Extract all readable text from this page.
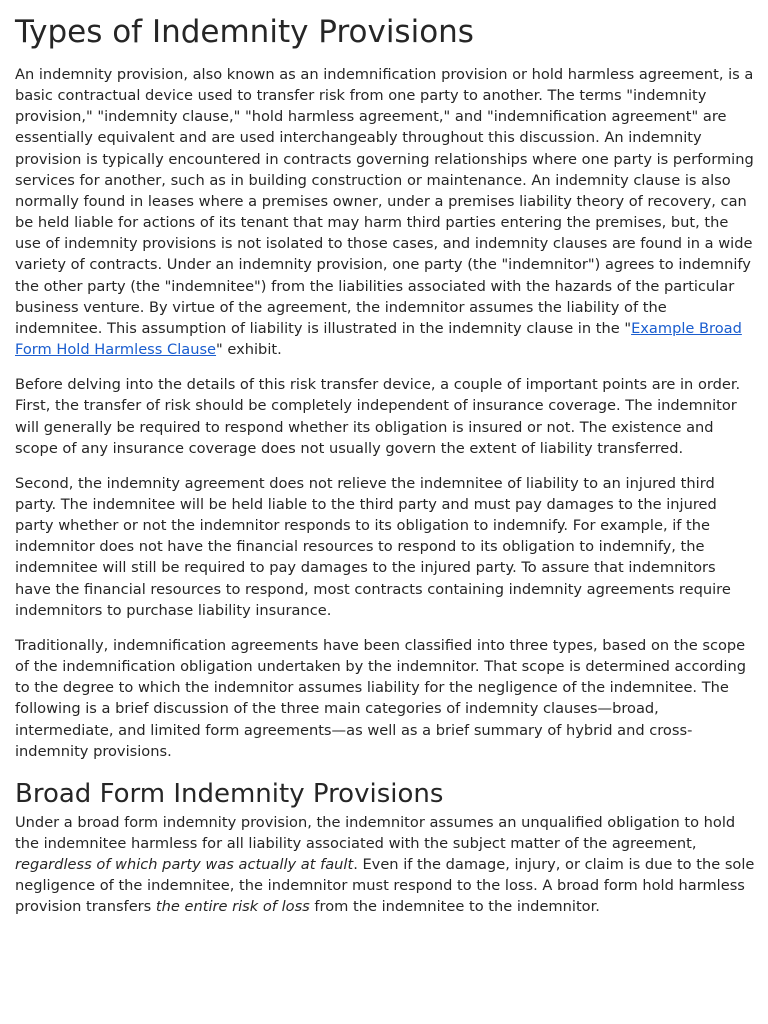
Types of Indemnity Provisions

An indemnity provision, also known as an indemnification provision or hold harmless agreement, is a basic contractual device used to transfer risk from one party to another. The terms "indemnity provision," "indemnity clause," "hold harmless agreement," and "indemnification agreement" are essentially equivalent and are used interchangeably throughout this discussion. An indemnity provision is typically encountered in contracts governing relationships where one party is performing services for another, such as in building construction or maintenance. An indemnity clause is also normally found in leases where a premises owner, under a premises liability theory of recovery, can be held liable for actions of its tenant that may harm third parties entering the premises, but, the use of indemnity provisions is not isolated to those cases, and indemnity clauses are found in a wide variety of contracts. Under an indemnity provision, one party (the "indemnitor") agrees to indemnify the other party (the "indemnitee") from the liabilities associated with the hazards of the particular business venture. By virtue of the agreement, the indemnitor assumes the liability of the indemnitee. This assumption of liability is illustrated in the indemnity clause in the "Example Broad Form Hold Harmless Clause" exhibit.

Before delving into the details of this risk transfer device, a couple of important points are in order. First, the transfer of risk should be completely independent of insurance coverage. The indemnitor will generally be required to respond whether its obligation is insured or not. The existence and scope of any insurance coverage does not usually govern the extent of liability transferred.

Second, the indemnity agreement does not relieve the indemnitee of liability to an injured third party. The indemnitee will be held liable to the third party and must pay damages to the injured party whether or not the indemnitor responds to its obligation to indemnify. For example, if the indemnitor does not have the financial resources to respond to its obligation to indemnify, the indemnitee will still be required to pay damages to the injured party. To assure that indemnitors have the financial resources to respond, most contracts containing indemnity agreements require indemnitors to purchase liability insurance.

Traditionally, indemnification agreements have been classified into three types, based on the scope of the indemnification obligation undertaken by the indemnitor. That scope is determined according to the degree to which the indemnitor assumes liability for the negligence of the indemnitee. The following is a brief discussion of the three main categories of indemnity clauses—broad, intermediate, and limited form agreements—as well as a brief summary of hybrid and cross-indemnity provisions.

Broad Form Indemnity Provisions

Under a broad form indemnity provision, the indemnitor assumes an unqualified obligation to hold the indemnitee harmless for all liability associated with the subject matter of the agreement, regardless of which party was actually at fault. Even if the damage, injury, or claim is due to the sole negligence of the indemnitee, the indemnitor must respond to the loss. A broad form hold harmless provision transfers the entire risk of loss from the indemnitee to the indemnitor.
